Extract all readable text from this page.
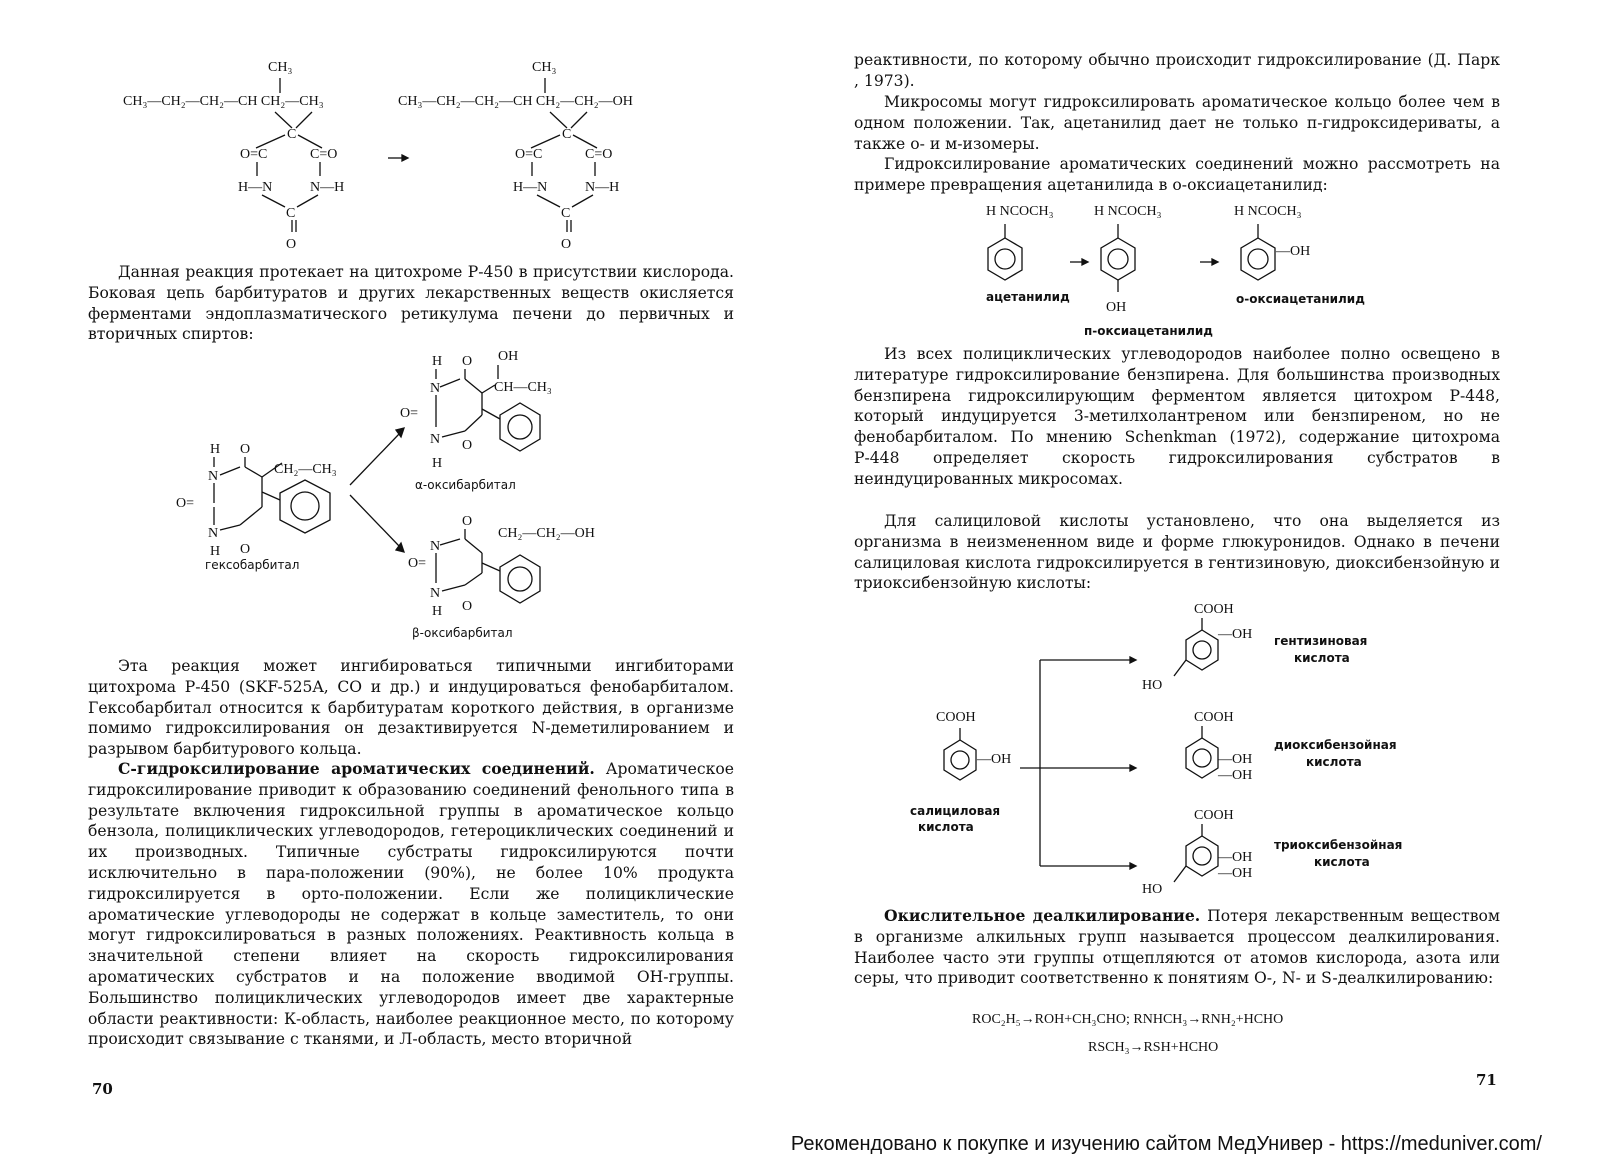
CH₃
CH₃—CH₂—CH₂—CH CH₂—CH₃
CH₃
CH₃—CH₂—CH₂—CH CH₂—CH₂—OH
C
O=C	C=O
H—N	N—H
C
O
C
O=C	C=O
H—N	N—H
C
O

Данная реакция протекает на цитохроме Р-450 в присутствии кислорода. Боковая цепь барбитуратов и других лекарственных веществ окисляется ферментами эндоплазматического ретикулума печени до первичных и вторичных спиртов:

H O
N
O=
N
H O
H O
N
O=
N
H
O
O
N
O=
N
H O
OH
CH—CH₃
CH₂—CH₃
CH₂—CH₂—OH
гексобарбитал
α-оксибарбитал
β-оксибарбитал

Эта реакция может ингибироваться типичными ингибиторами цитохрома Р-450 (SKF-525A, CO и др.) и индуцироваться фенобарбиталом. Гексобарбитал относится к барбитуратам короткого действия, в организме помимо гидроксилирования он дезактивируется N-деметилированием и разрывом барбитурового кольца.

С-гидроксилирование ароматических соединений. Ароматическое гидроксилирование приводит к образованию соединений фенольного типа в результате включения гидроксильной группы в ароматическое кольцо бензола, полициклических углеводородов, гетероциклических соединений и их производных. Типичные субстраты гидроксилируются почти исключительно в пара-положении (90%), не более 10% продукта гидроксилируется в орто-положении. Если же полициклические ароматические углеводороды не содержат в кольце заместитель, то они могут гидроксилироваться в разных положениях. Реактивность кольца в значительной степени влияет на скорость гидроксилирования ароматических субстратов и на положение вводимой ОН-группы. Большинство полициклических углеводородов имеет две характерные области реактивности: К-область, наиболее реакционное место, по которому происходит связывание с тканями, и Л-область, место вторичной

70

реактивности, по которому обычно происходит гидроксилирование (Д. Парк , 1973).

Микросомы могут гидроксилировать ароматическое кольцо более чем в одном положении. Так, ацетанилид дает не только п-гидроксидериваты, а также о- и м-изомеры.

Гидроксилирование ароматических соединений можно рассмотреть на примере превращения ацетанилида в о-оксиацетанилид:

H NCOCH₃	H NCOCH₃	H NCOCH₃
—OH
OH
ацетанилид	о-оксиацетанилид
п-оксиацетанилид

Из всех полициклических углеводородов наиболее полно освещено в литературе гидроксилирование бензпирена. Для большинства производных бензпирена гидроксилирующим ферментом является цитохром Р-448, который индуцируется 3-метилхолантреном или бензпиреном, но не фенобарбиталом. По мнению Schenkman (1972), содержание цитохрома Р-448 определяет скорость гидроксилирования субстратов в неиндуцированных микросомах.

Для салициловой кислоты установлено, что она выделяется из организма в неизмененном виде и форме глюкуронидов. Однако в печени салициловая кислота гидроксилируется в гентизиновую, диоксибензойную и триоксибензойную кислоты:

COOH
—OH
салициловая
кислота
COOH
—OH
HO
гентизиновая
кислота
COOH
—OH
—OH
диоксибензойная
кислота
COOH
—OH
—OH
HO
триоксибензойная
кислота

Окислительное деалкилирование. Потеря лекарственным веществом в организме алкильных групп называется процессом деалкилирования. Наиболее часто эти группы отщепляются от атомов кислорода, азота или серы, что приводит соответственно к понятиям О-, N- и S-деалкилированию:

ROC₂H₅→ROH+CH₃CHO; RNHCH₃→RNH₂+HCHO
RSCH₃→RSH+HCHO
71
Рекомендовано к покупке и изучению сайтом МедУнивер - https://meduniver.com/
